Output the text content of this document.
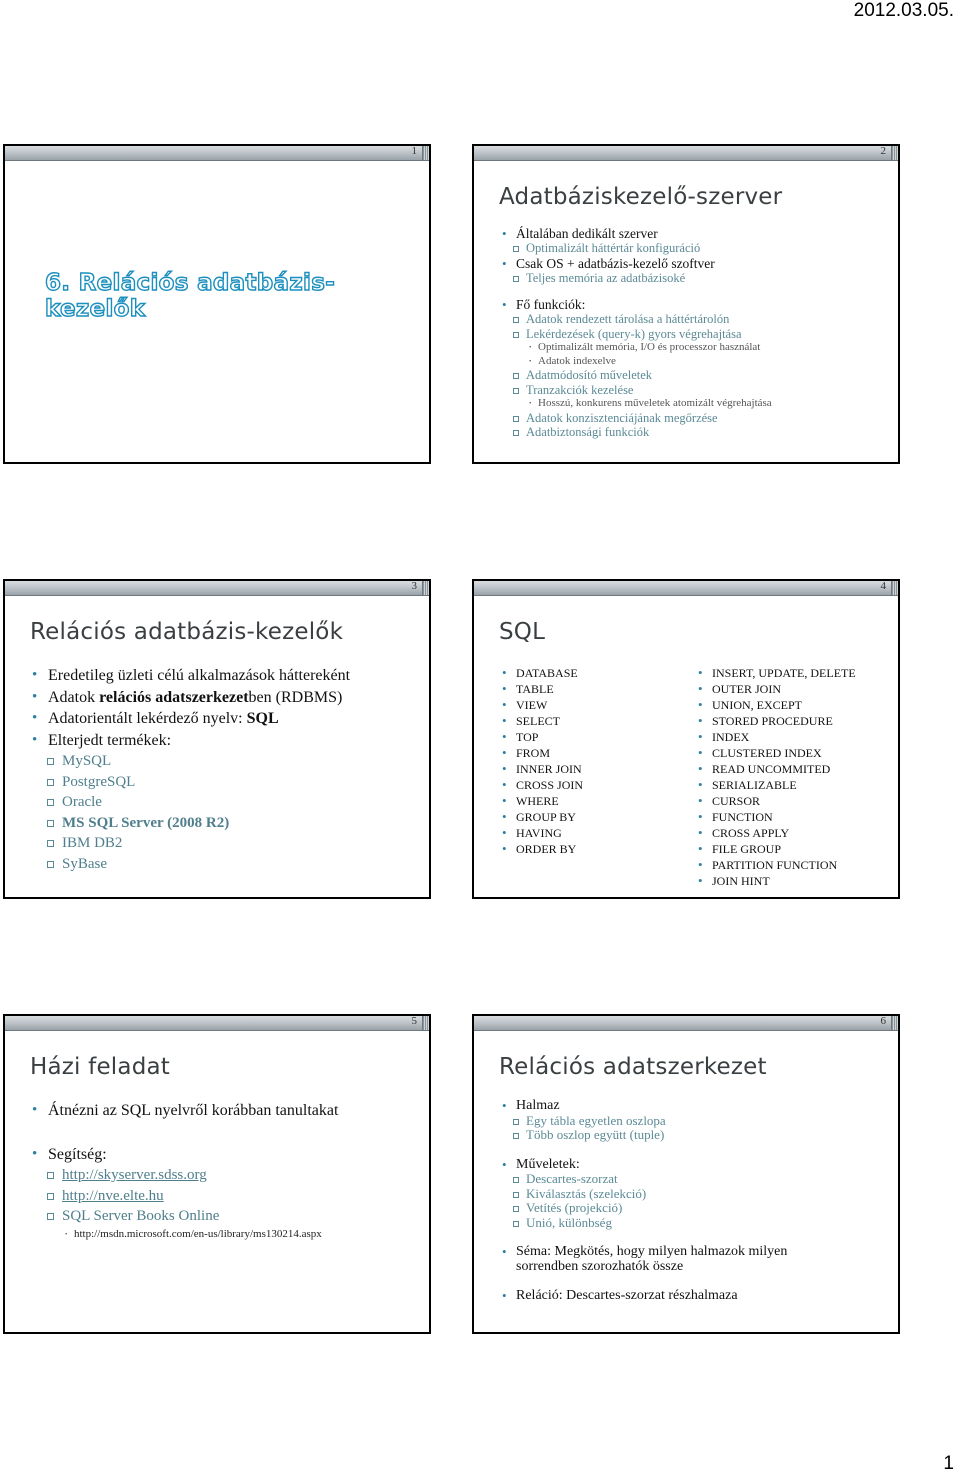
2012.03.05.
1
6. Relációs adatbázis-kezelők
2
Adatbáziskezelő-szerver
• Általában dedikált szerver
Optimalizált háttértár konfiguráció
• Csak OS + adatbázis-kezelő szoftver
Teljes memória az adatbázisoké
• Fő funkciók:
Adatok rendezett tárolása a háttértárolón
Lekérdezések (query-k) gyors végrehajtása
· Optimalizált memória, I/O és processzor használat
· Adatok indexelve
Adatmódosító műveletek
Tranzakciók kezelése
· Hosszú, konkurens műveletek atomizált végrehajtása
Adatok konzisztenciájának megőrzése
Adatbiztonsági funkciók
3
Relációs adatbázis-kezelők
• Eredetileg üzleti célú alkalmazások háttereként
• Adatok relációs adatszerkezetben (RDBMS)
• Adatorientált lekérdező nyelv: SQL
• Elterjedt termékek:
MySQL
PostgreSQL
Oracle
MS SQL Server (2008 R2)
IBM DB2
SyBase
4
SQL
• DATABASE
• TABLE
• VIEW
• SELECT
• TOP
• FROM
• INNER JOIN
• CROSS JOIN
• WHERE
• GROUP BY
• HAVING
• ORDER BY
• INSERT, UPDATE, DELETE
• OUTER JOIN
• UNION, EXCEPT
• STORED PROCEDURE
• INDEX
• CLUSTERED INDEX
• READ UNCOMMITED
• SERIALIZABLE
• CURSOR
• FUNCTION
• CROSS APPLY
• FILE GROUP
• PARTITION FUNCTION
• JOIN HINT
5
Házi feladat
• Átnézni az SQL nyelvről korábban tanultakat
• Segítség:
http://skyserver.sdss.org
http://nve.elte.hu
SQL Server Books Online
· http://msdn.microsoft.com/en-us/library/ms130214.aspx
6
Relációs adatszerkezet
• Halmaz
Egy tábla egyetlen oszlopa
Több oszlop együtt (tuple)
• Műveletek:
Descartes-szorzat
Kiválasztás (szelekció)
Vetítés (projekció)
Unió, különbség
• Séma: Megkötés, hogy milyen halmazok milyen sorrendben szorozhatók össze
• Reláció: Descartes-szorzat részhalmaza
1
